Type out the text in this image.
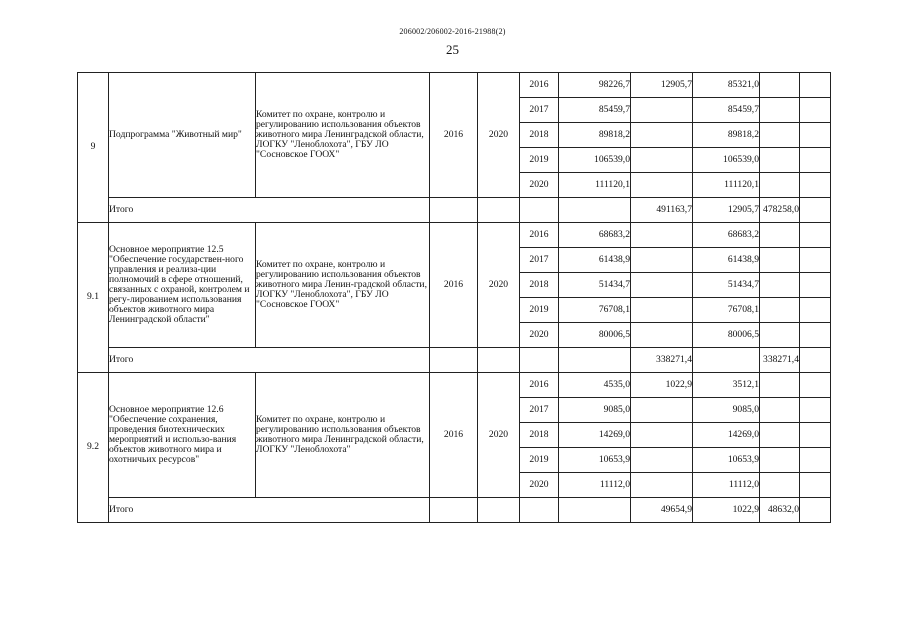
206002/206002-2016-21988(2)
25
9	Подпрограмма "Животный мир"	Комитет по охране, контролю и регулированию использования объектов животного мира Ленинградской области, ЛОГКУ "Леноблохота", ГБУ ЛО "Сосновское ГООХ"	2016	2020	2016	98226,7	12905,7	85321,0			
					2017	85459,7		85459,7			
					2018	89818,2		89818,2			
					2019	106539,0		106539,0			
					2020	111120,1		111120,1			
	Итого						491163,7	12905,7	478258,0		
9.1	Основное мероприятие 12.5 "Обеспечение государствен-ного управления и реализа-ции полномочий в сфере отношений, связанных с охраной, контролем и регу-лированием использования объектов животного мира Ленинградской области"	Комитет по охране, контролю и регулированию использования объектов животного мира Ленин-градской области, ЛОГКУ "Леноблохота", ГБУ ЛО "Сосновское ГООХ"	2016	2020	2016	68683,2		68683,2			
					2017	61438,9		61438,9			
					2018	51434,7		51434,7			
					2019	76708,1		76708,1			
					2020	80006,5		80006,5			
	Итого						338271,4		338271,4		
9.2	Основное мероприятие 12.6 "Обеспечение сохранения, проведения биотехнических мероприятий и использо-вания объектов животного мира и охотничьих ресурсов"	Комитет по охране, контролю и регулированию использования объектов животного мира Ленинградской области, ЛОГКУ "Леноблохота"	2016	2020	2016	4535,0	1022,9	3512,1			
					2017	9085,0		9085,0			
					2018	14269,0		14269,0			
					2019	10653,9		10653,9			
					2020	11112,0		11112,0			
	Итого						49654,9	1022,9	48632,0		
